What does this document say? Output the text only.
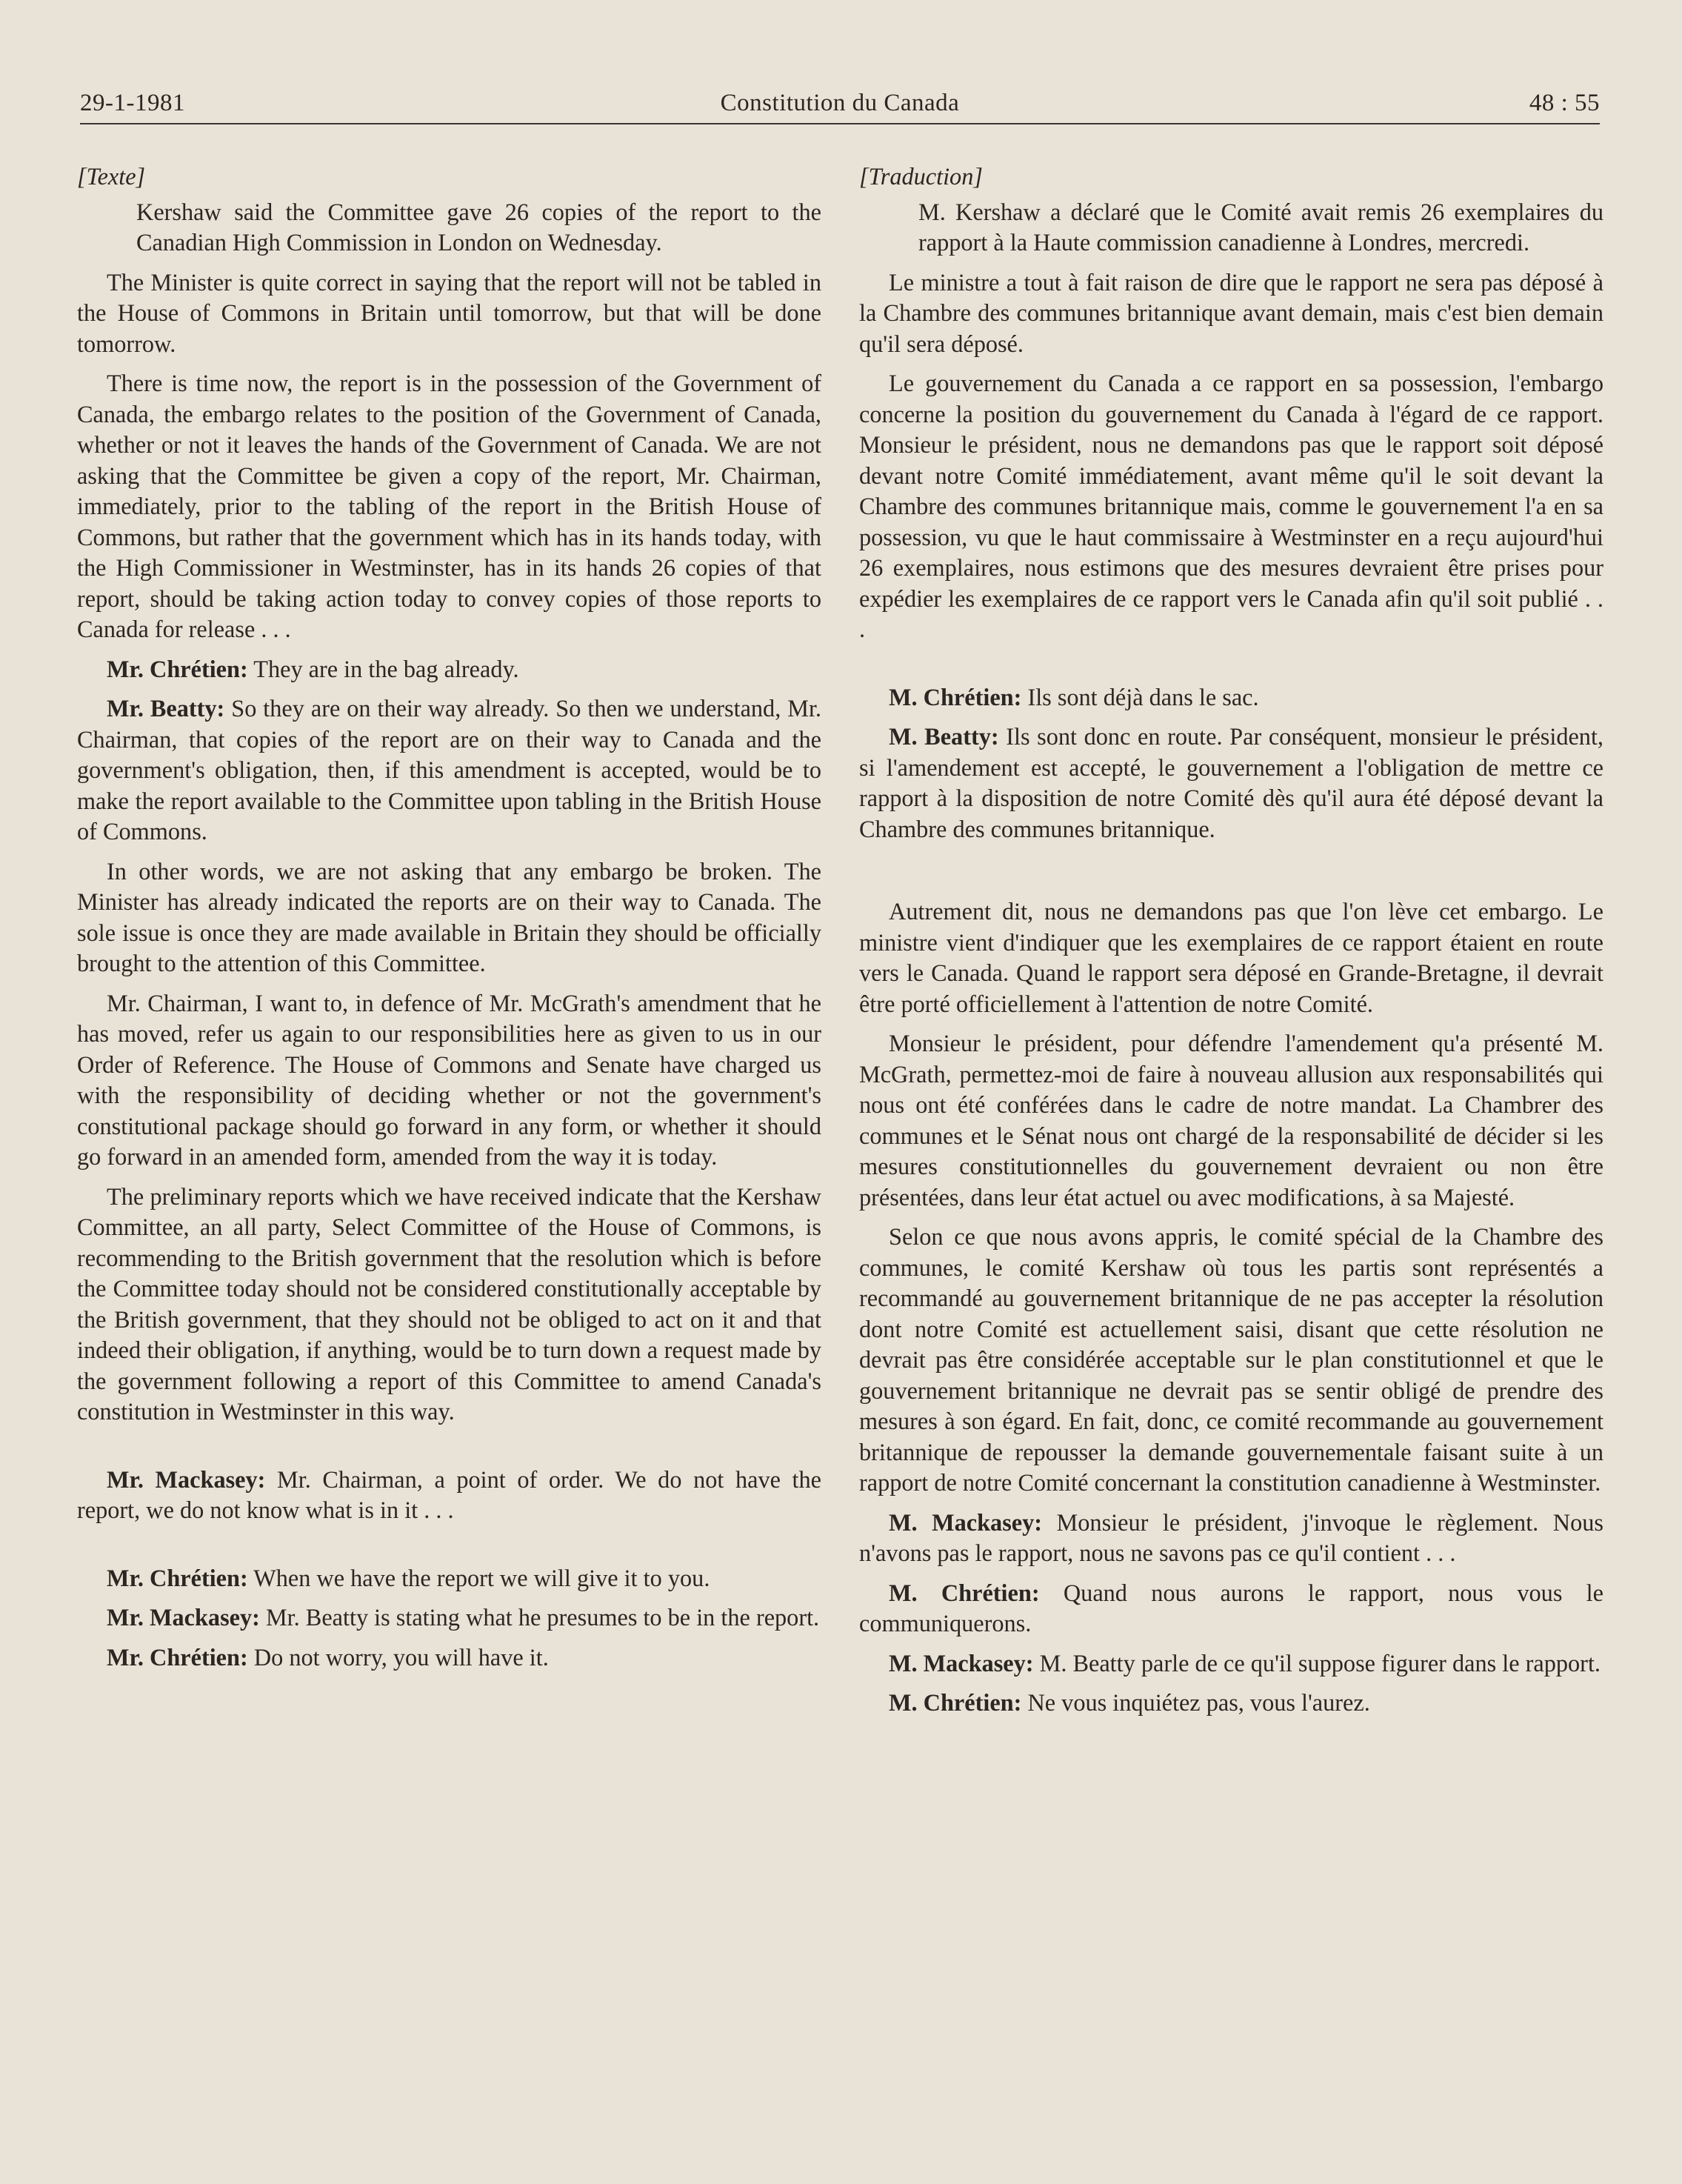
29-1-1981	Constitution du Canada	48 : 55

[Texte]

Kershaw said the Committee gave 26 copies of the report to the Canadian High Commission in London on Wednesday.

The Minister is quite correct in saying that the report will not be tabled in the House of Commons in Britain until tomorrow, but that will be done tomorrow.

There is time now, the report is in the possession of the Government of Canada, the embargo relates to the position of the Government of Canada, whether or not it leaves the hands of the Government of Canada. We are not asking that the Committee be given a copy of the report, Mr. Chairman, immediately, prior to the tabling of the report in the British House of Commons, but rather that the government which has in its hands today, with the High Commissioner in Westminster, has in its hands 26 copies of that report, should be taking action today to convey copies of those reports to Canada for release . . .

Mr. Chrétien: They are in the bag already.

Mr. Beatty: So they are on their way already. So then we understand, Mr. Chairman, that copies of the report are on their way to Canada and the government's obligation, then, if this amendment is accepted, would be to make the report available to the Committee upon tabling in the British House of Commons.

In other words, we are not asking that any embargo be broken. The Minister has already indicated the reports are on their way to Canada. The sole issue is once they are made available in Britain they should be officially brought to the attention of this Committee.

Mr. Chairman, I want to, in defence of Mr. McGrath's amendment that he has moved, refer us again to our responsibilities here as given to us in our Order of Reference. The House of Commons and Senate have charged us with the responsibility of deciding whether or not the government's constitutional package should go forward in any form, or whether it should go forward in an amended form, amended from the way it is today.

The preliminary reports which we have received indicate that the Kershaw Committee, an all party, Select Committee of the House of Commons, is recommending to the British government that the resolution which is before the Committee today should not be considered constitutionally acceptable by the British government, that they should not be obliged to act on it and that indeed their obligation, if anything, would be to turn down a request made by the government following a report of this Committee to amend Canada's constitution in Westminster in this way.

Mr. Mackasey: Mr. Chairman, a point of order. We do not have the report, we do not know what is in it . . .

Mr. Chrétien: When we have the report we will give it to you.

Mr. Mackasey: Mr. Beatty is stating what he presumes to be in the report.

Mr. Chrétien: Do not worry, you will have it.

[Traduction]

M. Kershaw a déclaré que le Comité avait remis 26 exemplaires du rapport à la Haute commission canadienne à Londres, mercredi.

Le ministre a tout à fait raison de dire que le rapport ne sera pas déposé à la Chambre des communes britannique avant demain, mais c'est bien demain qu'il sera déposé.

Le gouvernement du Canada a ce rapport en sa possession, l'embargo concerne la position du gouvernement du Canada à l'égard de ce rapport. Monsieur le président, nous ne demandons pas que le rapport soit déposé devant notre Comité immédiatement, avant même qu'il le soit devant la Chambre des communes britannique mais, comme le gouvernement l'a en sa possession, vu que le haut commissaire à Westminster en a reçu aujourd'hui 26 exemplaires, nous estimons que des mesures devraient être prises pour expédier les exemplaires de ce rapport vers le Canada afin qu'il soit publié . . .

M. Chrétien: Ils sont déjà dans le sac.

M. Beatty: Ils sont donc en route. Par conséquent, monsieur le président, si l'amendement est accepté, le gouvernement a l'obligation de mettre ce rapport à la disposition de notre Comité dès qu'il aura été déposé devant la Chambre des communes britannique.

Autrement dit, nous ne demandons pas que l'on lève cet embargo. Le ministre vient d'indiquer que les exemplaires de ce rapport étaient en route vers le Canada. Quand le rapport sera déposé en Grande-Bretagne, il devrait être porté officiellement à l'attention de notre Comité.

Monsieur le président, pour défendre l'amendement qu'a présenté M. McGrath, permettez-moi de faire à nouveau allusion aux responsabilités qui nous ont été conférées dans le cadre de notre mandat. La Chambrer des communes et le Sénat nous ont chargé de la responsabilité de décider si les mesures constitutionnelles du gouvernement devraient ou non être présentées, dans leur état actuel ou avec modifications, à sa Majesté.

Selon ce que nous avons appris, le comité spécial de la Chambre des communes, le comité Kershaw où tous les partis sont représentés a recommandé au gouvernement britannique de ne pas accepter la résolution dont notre Comité est actuellement saisi, disant que cette résolution ne devrait pas être considérée acceptable sur le plan constitutionnel et que le gouvernement britannique ne devrait pas se sentir obligé de prendre des mesures à son égard. En fait, donc, ce comité recommande au gouvernement britannique de repousser la demande gouvernementale faisant suite à un rapport de notre Comité concernant la constitution canadienne à Westminster.

M. Mackasey: Monsieur le président, j'invoque le règlement. Nous n'avons pas le rapport, nous ne savons pas ce qu'il contient . . .

M. Chrétien: Quand nous aurons le rapport, nous vous le communiquerons.

M. Mackasey: M. Beatty parle de ce qu'il suppose figurer dans le rapport.

M. Chrétien: Ne vous inquiétez pas, vous l'aurez.
